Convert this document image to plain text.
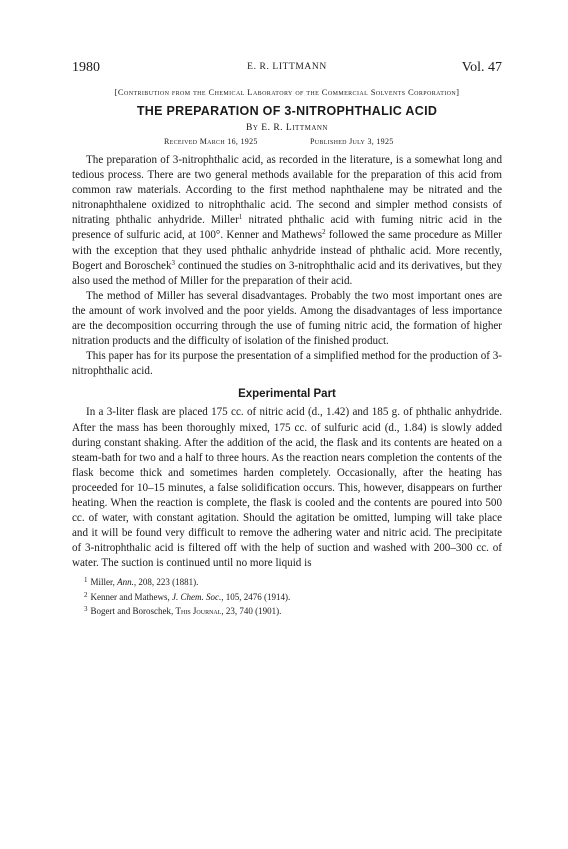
1980	E. R. LITTMANN	Vol. 47
[Contribution from the Chemical Laboratory of the Commercial Solvents Corporation]
THE PREPARATION OF 3-NITROPHTHALIC ACID
By E. R. Littmann
Received March 16, 1925	Published July 3, 1925

The preparation of 3-nitrophthalic acid, as recorded in the literature, is a somewhat long and tedious process. There are two general methods available for the preparation of this acid from common raw materials. According to the first method naphthalene may be nitrated and the nitronaphthalene oxidized to nitrophthalic acid. The second and simpler method consists of nitrating phthalic anhydride. Miller$^1$ nitrated phthalic acid with fuming nitric acid in the presence of sulfuric acid, at 100°. Kenner and Mathews$^2$ followed the same procedure as Miller with the exception that they used phthalic anhydride instead of phthalic acid. More recently, Bogert and Boroschek$^3$ continued the studies on 3-nitrophthalic acid and its derivatives, but they also used the method of Miller for the preparation of their acid.

The method of Miller has several disadvantages. Probably the two most important ones are the amount of work involved and the poor yields. Among the disadvantages of less importance are the decomposition occurring through the use of fuming nitric acid, the formation of higher nitration products and the difficulty of isolation of the finished product.

This paper has for its purpose the presentation of a simplified method for the production of 3-nitrophthalic acid.

Experimental Part

In a 3-liter flask are placed 175 cc. of nitric acid (d., 1.42) and 185 g. of phthalic anhydride. After the mass has been thoroughly mixed, 175 cc. of sulfuric acid (d., 1.84) is slowly added during constant shaking. After the addition of the acid, the flask and its contents are heated on a steam-bath for two and a half to three hours. As the reaction nears completion the contents of the flask become thick and sometimes harden completely. Occasionally, after the heating has proceeded for 10–15 minutes, a false solidification occurs. This, however, disappears on further heating. When the reaction is complete, the flask is cooled and the contents are poured into 500 cc. of water, with constant agitation. Should the agitation be omitted, lumping will take place and it will be found very difficult to remove the adhering water and nitric acid. The precipitate of 3-nitrophthalic acid is filtered off with the help of suction and washed with 200–300 cc. of water. The suction is continued until no more liquid is

$^1$ Miller, Ann., 208, 223 (1881).
$^2$ Kenner and Mathews, J. Chem. Soc., 105, 2476 (1914).
$^3$ Bogert and Boroschek, This Journal, 23, 740 (1901).
